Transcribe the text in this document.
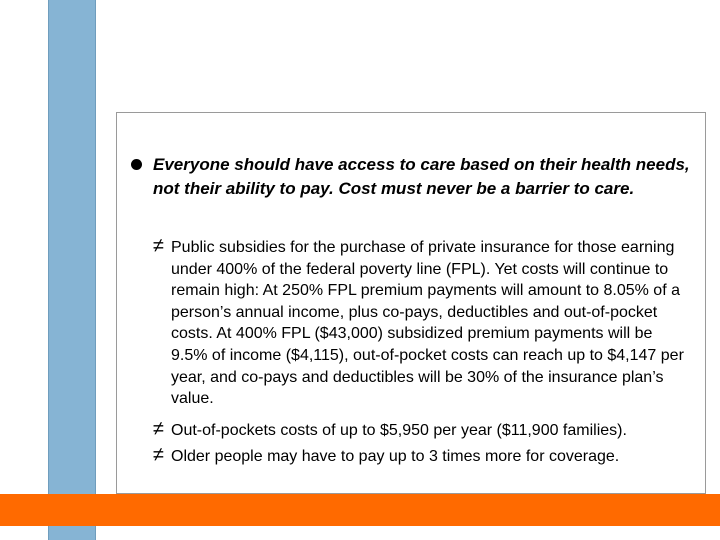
Everyone should have access to care based on their health needs, not their ability to pay. Cost must never be a barrier to care.
≠ Public subsidies for the purchase of private insurance for those earning under 400% of the federal poverty line (FPL). Yet costs will continue to remain high: At 250% FPL premium payments will amount to 8.05% of a person’s annual income, plus co-pays, deductibles and out-of-pocket costs. At 400% FPL ($43,000) subsidized premium payments will be 9.5% of income ($4,115), out-of-pocket costs can reach up to $4,147 per year, and co-pays and deductibles will be 30% of the insurance plan’s value.
≠ Out-of-pockets costs of up to $5,950 per year ($11,900 families).
≠ Older people may have to pay up to 3 times more for coverage.
